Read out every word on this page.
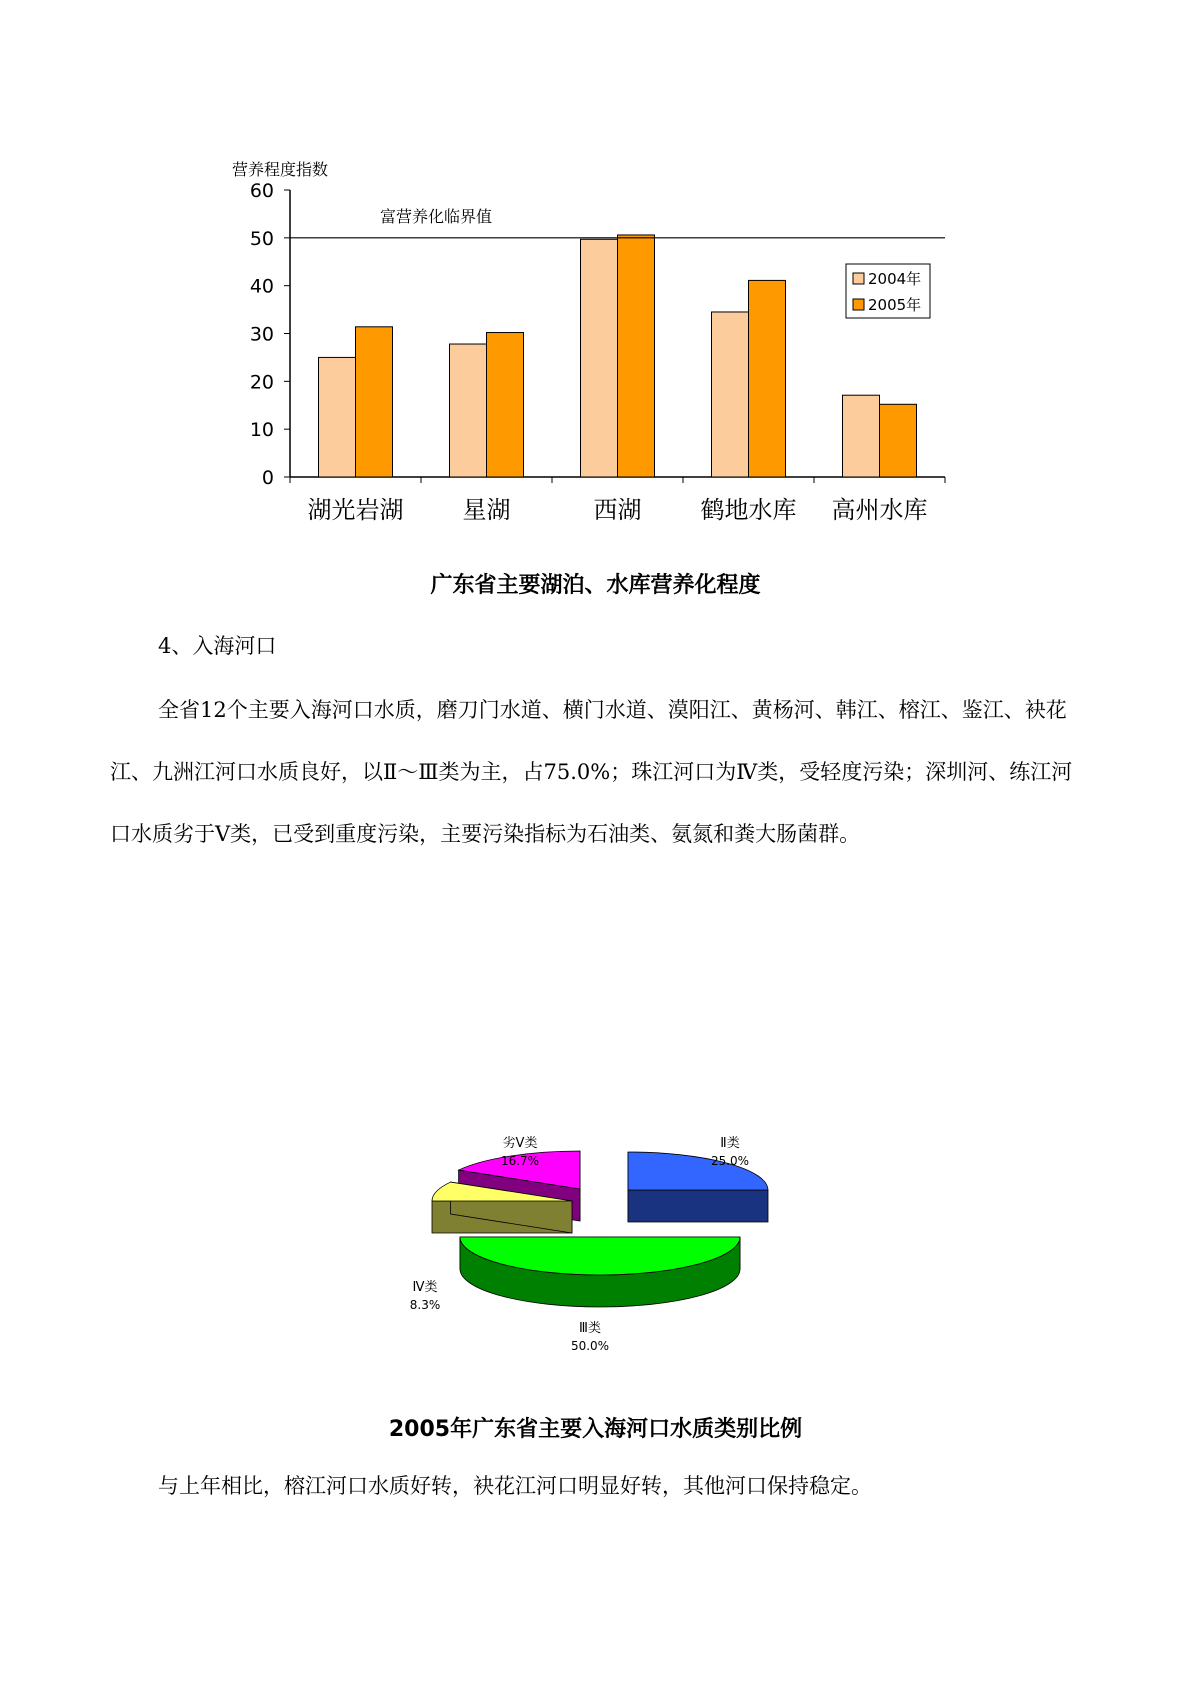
营养程度指数
0
10
20
30
40
50
60
湖光岩湖 星湖	西湖 鹤地水库 高州水库
富营养化临界值
2004年
2005年
广东省主要湖泊、水库营养化程度
4、入海河口
全省12个主要入海河口水质，磨刀门水道、横门水道、漠阳江、黄杨河、韩江、榕江、鉴江、袂花江、九洲江河口水质良好，以Ⅱ～Ⅲ类为主，占75.0%；珠江河口为Ⅳ类，受轻度污染；深圳河、练江河口水质劣于Ⅴ类，已受到重度污染，主要污染指标为石油类、氨氮和粪大肠菌群。
Ⅱ类
25.0%
Ⅲ类
50.0%
Ⅳ类
8.3%
劣Ⅴ类
16.7%
2005年广东省主要入海河口水质类别比例
与上年相比，榕江河口水质好转，袂花江河口明显好转，其他河口保持稳定。
